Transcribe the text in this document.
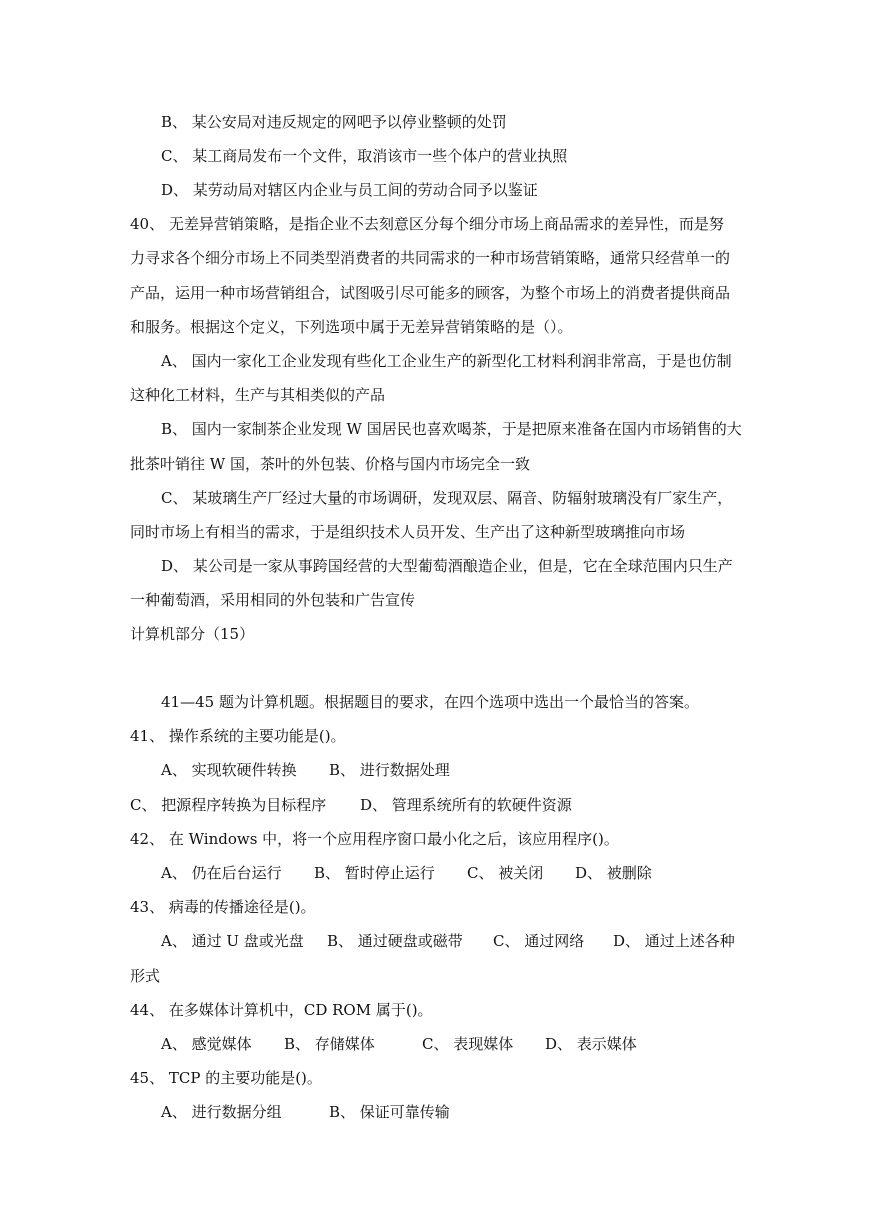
B、 某公安局对违反规定的网吧予以停业整顿的处罚
C、 某工商局发布一个文件，取消该市一些个体户的营业执照
D、 某劳动局对辖区内企业与员工间的劳动合同予以鉴证
40、 无差异营销策略，是指企业不去刻意区分每个细分市场上商品需求的差异性，而是努
力寻求各个细分市场上不同类型消费者的共同需求的一种市场营销策略，通常只经营单一的
产品，运用一种市场营销组合，试图吸引尽可能多的顾客，为整个市场上的消费者提供商品
和服务。根据这个定义，下列选项中属于无差异营销策略的是（）。
A、 国内一家化工企业发现有些化工企业生产的新型化工材料利润非常高，于是也仿制
这种化工材料，生产与其相类似的产品
B、 国内一家制茶企业发现 W 国居民也喜欢喝茶，于是把原来准备在国内市场销售的大
批茶叶销往 W 国，茶叶的外包装、价格与国内市场完全一致
C、 某玻璃生产厂经过大量的市场调研，发现双层、隔音、防辐射玻璃没有厂家生产，
同时市场上有相当的需求，于是组织技术人员开发、生产出了这种新型玻璃推向市场
D、 某公司是一家从事跨国经营的大型葡萄酒酿造企业，但是，它在全球范围内只生产
一种葡萄酒，采用相同的外包装和广告宣传
计算机部分（15）
41—45 题为计算机题。根据题目的要求，在四个选项中选出一个最恰当的答案。
41、 操作系统的主要功能是()。
A、 实现软硬件转换 B、 进行数据处理
C、 把源程序转换为目标程序 D、 管理系统所有的软硬件资源
42、 在 Windows 中，将一个应用程序窗口最小化之后，该应用程序()。
A、 仍在后台运行 B、 暂时停止运行 C、 被关闭 D、 被删除
43、 病毒的传播途径是()。
A、 通过 U 盘或光盘 B、 通过硬盘或磁带 C、 通过网络 D、 通过上述各种
形式
44、 在多媒体计算机中，CD ROM 属于()。
A、 感觉媒体 B、 存储媒体	C、 表现媒体 D、 表示媒体
45、 TCP 的主要功能是()。
A、 进行数据分组	B、 保证可靠传输
